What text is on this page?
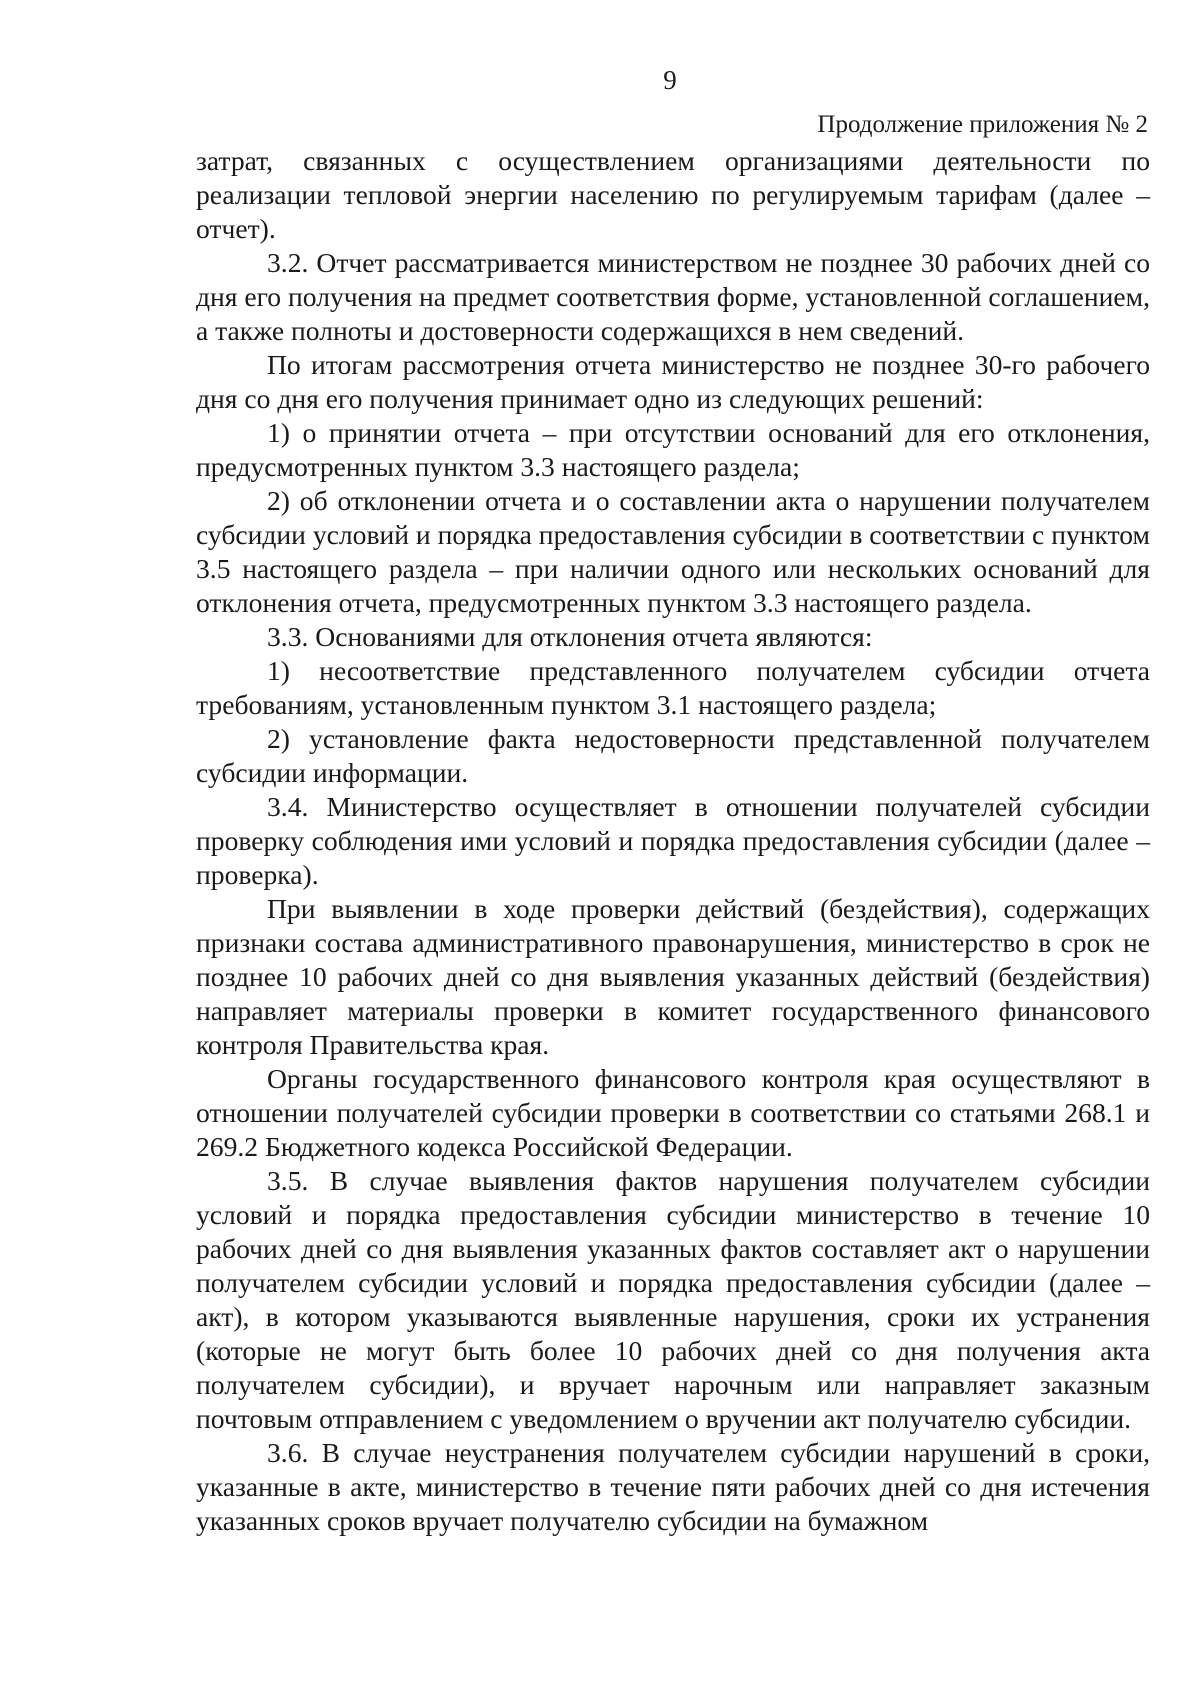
9
Продолжение приложения № 2

затрат, связанных с осуществлением организациями деятельности по реализации тепловой энергии населению по регулируемым тарифам (далее – отчет).

3.2. Отчет рассматривается министерством не позднее 30 рабочих дней со дня его получения на предмет соответствия форме, установленной соглашением, а также полноты и достоверности содержащихся в нем сведений.

По итогам рассмотрения отчета министерство не позднее 30-го рабочего дня со дня его получения принимает одно из следующих решений:

1) о принятии отчета – при отсутствии оснований для его отклонения, предусмотренных пунктом 3.3 настоящего раздела;

2) об отклонении отчета и о составлении акта о нарушении получателем субсидии условий и порядка предоставления субсидии в соответствии с пунктом 3.5 настоящего раздела – при наличии одного или нескольких оснований для отклонения отчета, предусмотренных пунктом 3.3 настоящего раздела.

3.3. Основаниями для отклонения отчета являются:

1) несоответствие представленного получателем субсидии отчета требованиям, установленным пунктом 3.1 настоящего раздела;

2) установление факта недостоверности представленной получателем субсидии информации.

3.4. Министерство осуществляет в отношении получателей субсидии проверку соблюдения ими условий и порядка предоставления субсидии (далее – проверка).

При выявлении в ходе проверки действий (бездействия), содержащих признаки состава административного правонарушения, министерство в срок не позднее 10 рабочих дней со дня выявления указанных действий (бездействия) направляет материалы проверки в комитет государственного финансового контроля Правительства края.

Органы государственного финансового контроля края осуществляют в отношении получателей субсидии проверки в соответствии со статьями 268.1 и 269.2 Бюджетного кодекса Российской Федерации.

3.5. В случае выявления фактов нарушения получателем субсидии условий и порядка предоставления субсидии министерство в течение 10 рабочих дней со дня выявления указанных фактов составляет акт о нарушении получателем субсидии условий и порядка предоставления субсидии (далее – акт), в котором указываются выявленные нарушения, сроки их устранения (которые не могут быть более 10 рабочих дней со дня получения акта получателем субсидии), и вручает нарочным или направляет заказным почтовым отправлением с уведомлением о вручении акт получателю субсидии.

3.6. В случае неустранения получателем субсидии нарушений в сроки, указанные в акте, министерство в течение пяти рабочих дней со дня истечения указанных сроков вручает получателю субсидии на бумажном
